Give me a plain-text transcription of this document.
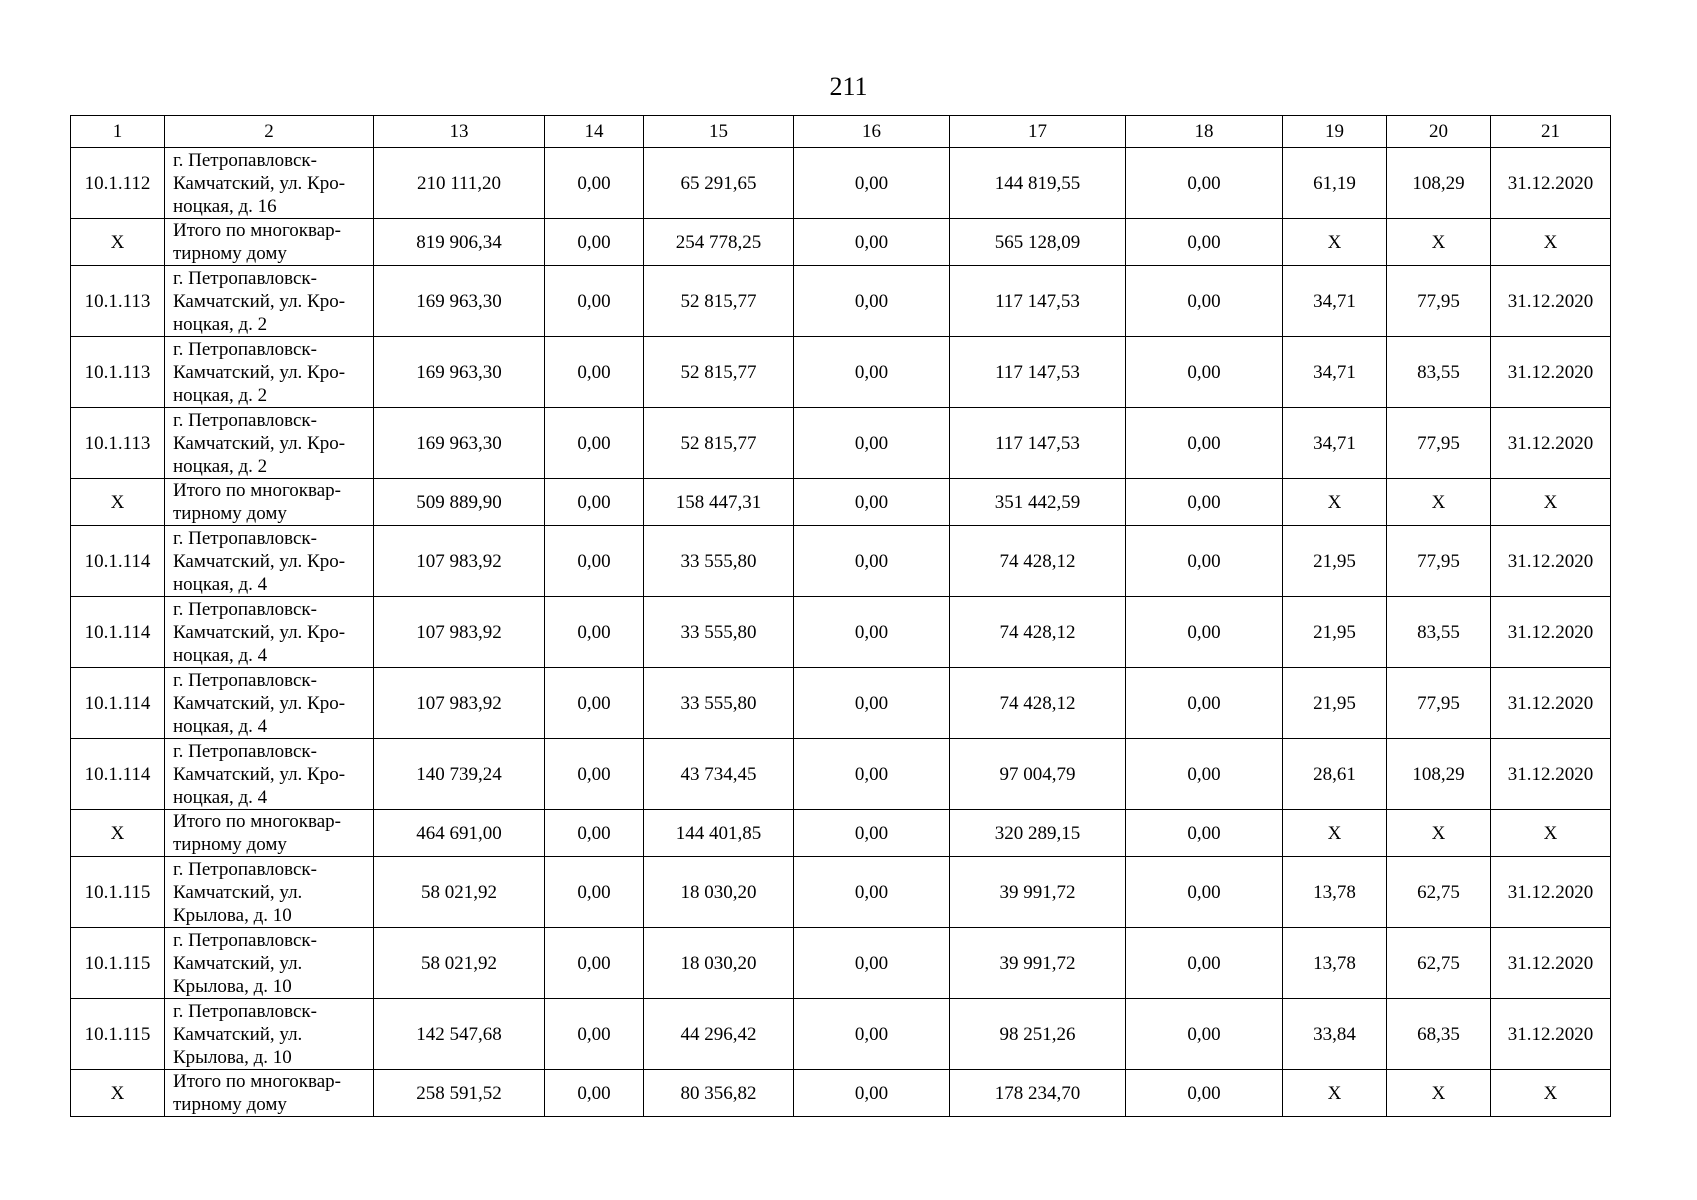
211
1	2	13	14	15	16	17	18	19	20	21
10.1.112	г. Петропавловск-
Камчатский, ул. Кро-
ноцкая, д. 16	210 111,20	0,00	65 291,65	0,00	144 819,55	0,00	61,19	108,29	31.12.2020
X	Итого по многоквар-
тирному дому	819 906,34	0,00	254 778,25	0,00	565 128,09	0,00	X	X	X
10.1.113	г. Петропавловск-
Камчатский, ул. Кро-
ноцкая, д. 2	169 963,30	0,00	52 815,77	0,00	117 147,53	0,00	34,71	77,95	31.12.2020
10.1.113	г. Петропавловск-
Камчатский, ул. Кро-
ноцкая, д. 2	169 963,30	0,00	52 815,77	0,00	117 147,53	0,00	34,71	83,55	31.12.2020
10.1.113	г. Петропавловск-
Камчатский, ул. Кро-
ноцкая, д. 2	169 963,30	0,00	52 815,77	0,00	117 147,53	0,00	34,71	77,95	31.12.2020
X	Итого по многоквар-
тирному дому	509 889,90	0,00	158 447,31	0,00	351 442,59	0,00	X	X	X
10.1.114	г. Петропавловск-
Камчатский, ул. Кро-
ноцкая, д. 4	107 983,92	0,00	33 555,80	0,00	74 428,12	0,00	21,95	77,95	31.12.2020
10.1.114	г. Петропавловск-
Камчатский, ул. Кро-
ноцкая, д. 4	107 983,92	0,00	33 555,80	0,00	74 428,12	0,00	21,95	83,55	31.12.2020
10.1.114	г. Петропавловск-
Камчатский, ул. Кро-
ноцкая, д. 4	107 983,92	0,00	33 555,80	0,00	74 428,12	0,00	21,95	77,95	31.12.2020
10.1.114	г. Петропавловск-
Камчатский, ул. Кро-
ноцкая, д. 4	140 739,24	0,00	43 734,45	0,00	97 004,79	0,00	28,61	108,29	31.12.2020
X	Итого по многоквар-
тирному дому	464 691,00	0,00	144 401,85	0,00	320 289,15	0,00	X	X	X
10.1.115	г. Петропавловск-
Камчатский, ул.
Крылова, д. 10	58 021,92	0,00	18 030,20	0,00	39 991,72	0,00	13,78	62,75	31.12.2020
10.1.115	г. Петропавловск-
Камчатский, ул.
Крылова, д. 10	58 021,92	0,00	18 030,20	0,00	39 991,72	0,00	13,78	62,75	31.12.2020
10.1.115	г. Петропавловск-
Камчатский, ул.
Крылова, д. 10	142 547,68	0,00	44 296,42	0,00	98 251,26	0,00	33,84	68,35	31.12.2020
X	Итого по многоквар-
тирному дому	258 591,52	0,00	80 356,82	0,00	178 234,70	0,00	X	X	X
